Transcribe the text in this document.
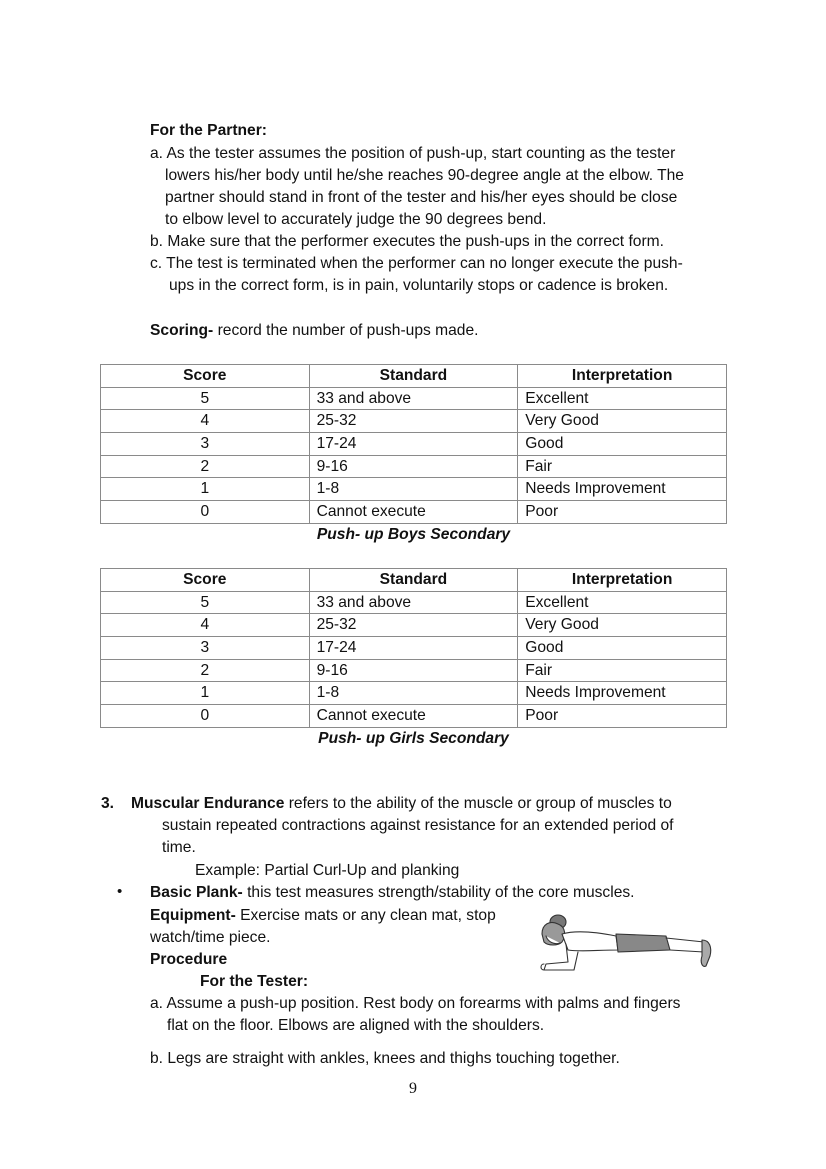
For the Partner:
a. As the tester assumes the position of push-up, start counting as the tester
lowers his/her body until he/she reaches 90-degree angle at the elbow. The
partner should stand in front of the tester and his/her eyes should be close
to elbow level to accurately judge the 90 degrees bend.
b. Make sure that the performer executes the push-ups in the correct form.
c. The test is terminated when the performer can no longer execute the push-
ups in the correct form, is in pain, voluntarily stops or cadence is broken.
Scoring- record the number of push-ups made.
Score	Standard	Interpretation
5	33 and above	Excellent
4	25-32	Very Good
3	17-24	Good
2	9-16	Fair
1	1-8	Needs Improvement
0	Cannot execute	Poor
Push- up Boys Secondary
Score	Standard	Interpretation
5	33 and above	Excellent
4	25-32	Very Good
3	17-24	Good
2	9-16	Fair
1	1-8	Needs Improvement
0	Cannot execute	Poor
Push- up Girls Secondary
3. Muscular Endurance refers to the ability of the muscle or group of muscles to
sustain repeated contractions against resistance for an extended period of
time.
Example: Partial Curl-Up and planking
• Basic Plank- this test measures strength/stability of the core muscles.
Equipment- Exercise mats or any clean mat, stop
watch/time piece.
Procedure
For the Tester:
a. Assume a push-up position. Rest body on forearms with palms and fingers
flat on the floor. Elbows are aligned with the shoulders.
b. Legs are straight with ankles, knees and thighs touching together.
9
